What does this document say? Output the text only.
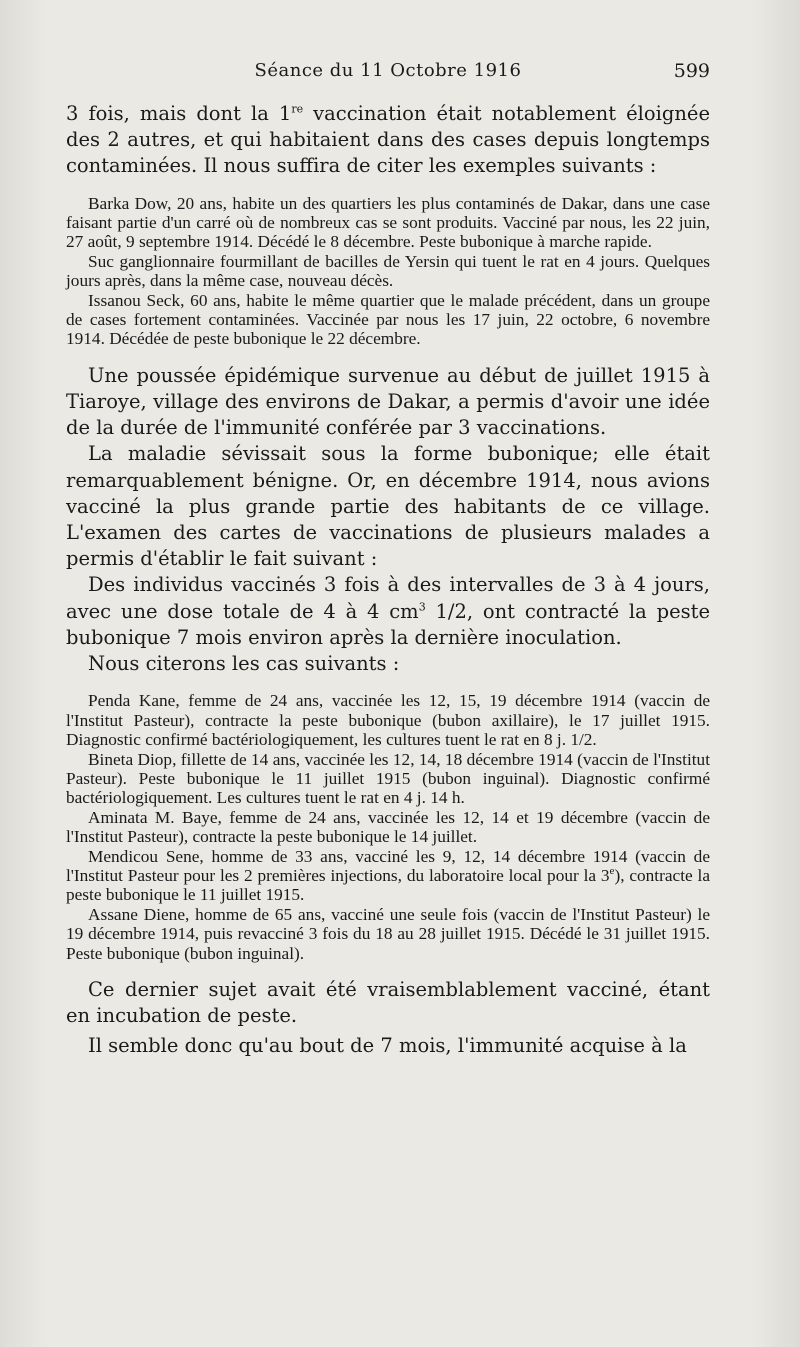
Séance du 11 Octobre 1916	599

3 fois, mais dont la 1re vaccination était notablement éloignée des 2 autres, et qui habitaient dans des cases depuis longtemps contaminées. Il nous suffira de citer les exemples suivants :

Barka Dow, 20 ans, habite un des quartiers les plus contaminés de Dakar, dans une case faisant partie d'un carré où de nombreux cas se sont produits. Vacciné par nous, les 22 juin, 27 août, 9 septembre 1914. Décédé le 8 décembre. Peste bubonique à marche rapide.

Suc ganglionnaire fourmillant de bacilles de Yersin qui tuent le rat en 4 jours. Quelques jours après, dans la même case, nouveau décès.

Issanou Seck, 60 ans, habite le même quartier que le malade précédent, dans un groupe de cases fortement contaminées. Vaccinée par nous les 17 juin, 22 octobre, 6 novembre 1914. Décédée de peste bubonique le 22 décembre.

Une poussée épidémique survenue au début de juillet 1915 à Tiaroye, village des environs de Dakar, a permis d'avoir une idée de la durée de l'immunité conférée par 3 vaccinations.

La maladie sévissait sous la forme bubonique; elle était remarquablement bénigne. Or, en décembre 1914, nous avions vacciné la plus grande partie des habitants de ce village. L'examen des cartes de vaccinations de plusieurs malades a permis d'établir le fait suivant :

Des individus vaccinés 3 fois à des intervalles de 3 à 4 jours, avec une dose totale de 4 à 4 $cm^3$ 1/2, ont contracté la peste bubonique 7 mois environ après la dernière inoculation.

Nous citerons les cas suivants :

Penda Kane, femme de 24 ans, vaccinée les 12, 15, 19 décembre 1914 (vaccin de l'Institut Pasteur), contracte la peste bubonique (bubon axillaire), le 17 juillet 1915. Diagnostic confirmé bactériologiquement, les cultures tuent le rat en 8 j. 1/2.

Bineta Diop, fillette de 14 ans, vaccinée les 12, 14, 18 décembre 1914 (vaccin de l'Institut Pasteur). Peste bubonique le 11 juillet 1915 (bubon inguinal). Diagnostic confirmé bactériologiquement. Les cultures tuent le rat en 4 j. 14 h.

Aminata M. Baye, femme de 24 ans, vaccinée les 12, 14 et 19 décembre (vaccin de l'Institut Pasteur), contracte la peste bubonique le 14 juillet.

Mendicou Sene, homme de 33 ans, vacciné les 9, 12, 14 décembre 1914 (vaccin de l'Institut Pasteur pour les 2 premières injections, du laboratoire local pour la 3e), contracte la peste bubonique le 11 juillet 1915.

Assane Diene, homme de 65 ans, vacciné une seule fois (vaccin de l'Institut Pasteur) le 19 décembre 1914, puis revacciné 3 fois du 18 au 28 juillet 1915. Décédé le 31 juillet 1915. Peste bubonique (bubon inguinal).

Ce dernier sujet avait été vraisemblablement vacciné, étant en incubation de peste.

Il semble donc qu'au bout de 7 mois, l'immunité acquise à la
